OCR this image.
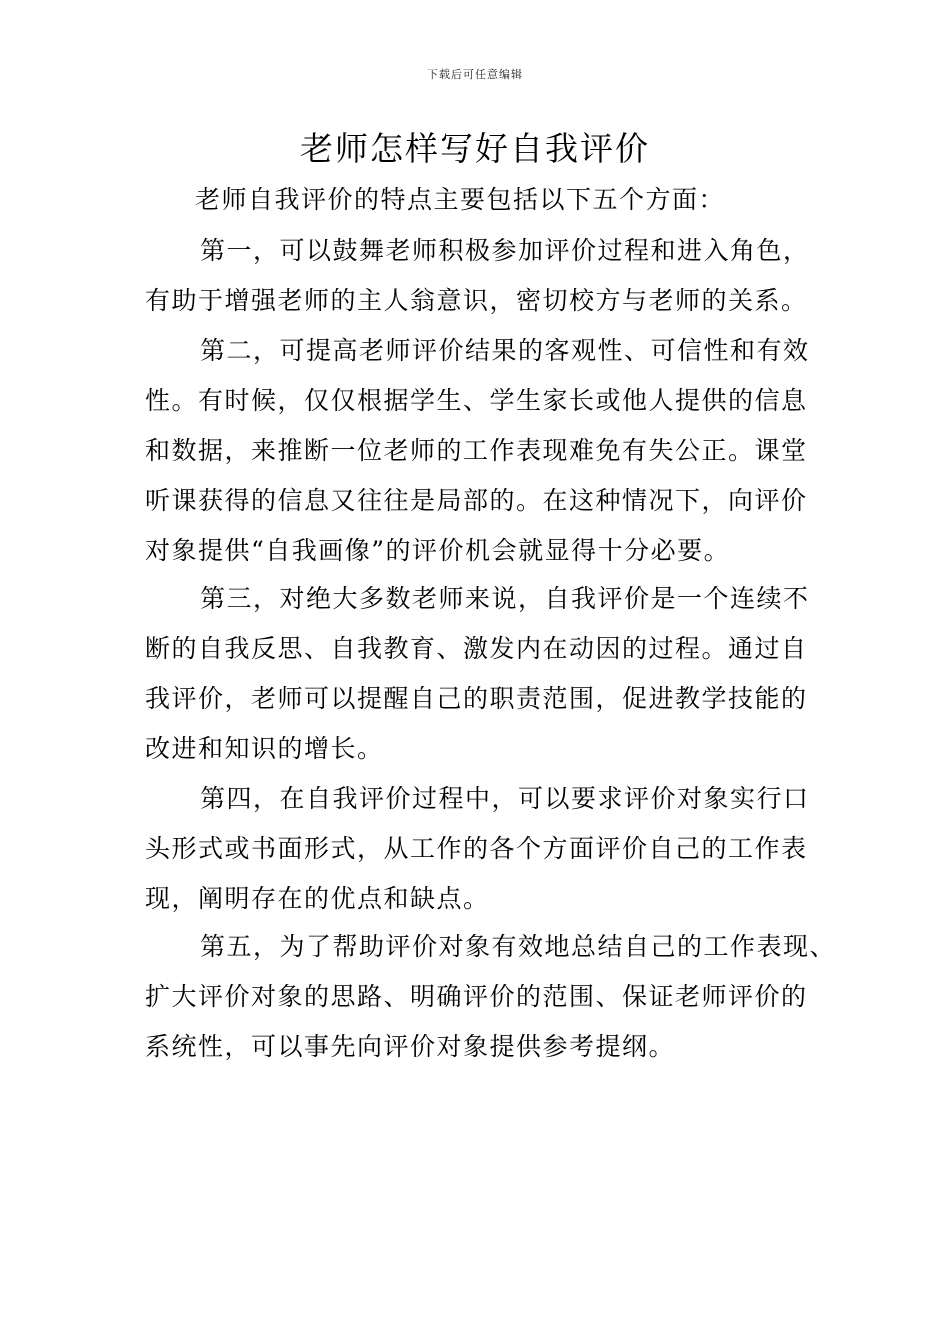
下载后可任意编辑
老师怎样写好自我评价
老师自我评价的特点主要包括以下五个方面：
第一，可以鼓舞老师积极参加评价过程和进入角色，
有助于增强老师的主人翁意识，密切校方与老师的关系。
第二，可提高老师评价结果的客观性、可信性和有效
性。有时候，仅仅根据学生、学生家长或他人提供的信息
和数据，来推断一位老师的工作表现难免有失公正。课堂
听课获得的信息又往往是局部的。在这种情况下，向评价
对象提供“自我画像”的评价机会就显得十分必要。
第三，对绝大多数老师来说，自我评价是一个连续不
断的自我反思、自我教育、激发内在动因的过程。通过自
我评价，老师可以提醒自己的职责范围，促进教学技能的
改进和知识的增长。
第四，在自我评价过程中，可以要求评价对象实行口
头形式或书面形式，从工作的各个方面评价自己的工作表
现，阐明存在的优点和缺点。
第五，为了帮助评价对象有效地总结自己的工作表现、
扩大评价对象的思路、明确评价的范围、保证老师评价的
系统性，可以事先向评价对象提供参考提纲。
